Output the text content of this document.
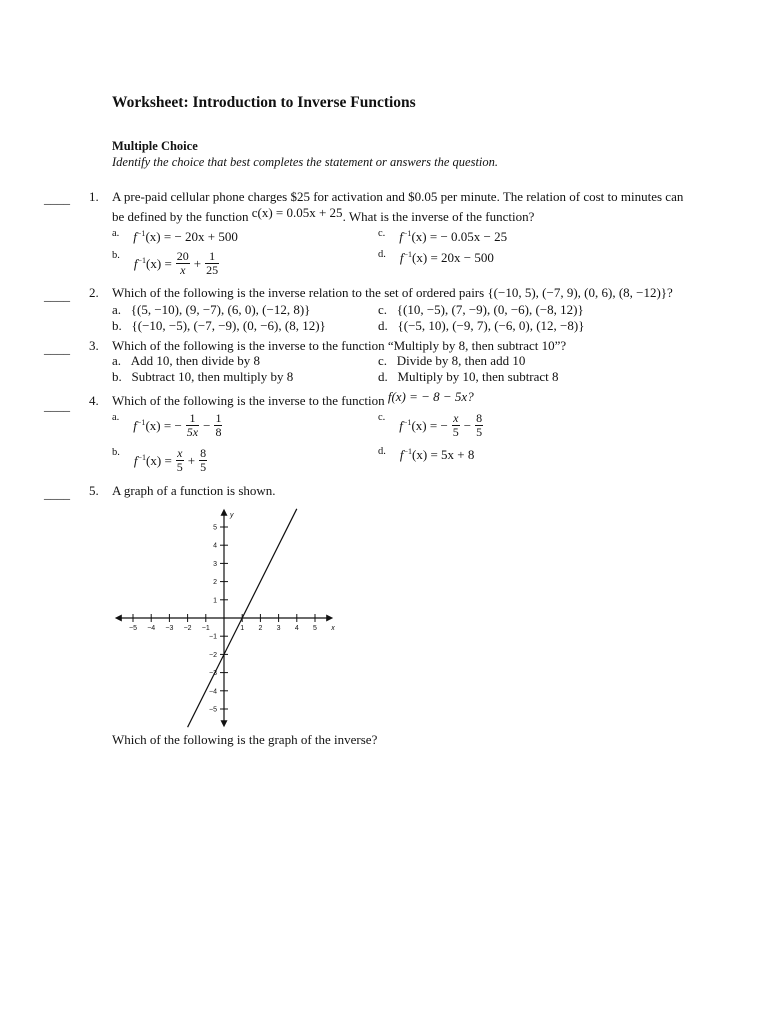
Worksheet: Introduction to Inverse Functions
Multiple Choice
Identify the choice that best completes the statement or answers the question.
____ 1. A pre-paid cellular phone charges $25 for activation and $0.05 per minute. The relation of cost to minutes can
be defined by the function c(x) = 0.05x + 25. What is the inverse of the function?
a. $f^{-1}(x)$ = − 20x + 500
b. $f^{-1}(x) = \frac{20}{x} + \frac{1}{25}$
c. $f^{-1}(x)$ = − 0.05x − 25
d. $f^{-1}(x) = 20x - 500$
____ 2. Which of the following is the inverse relation to the set of ordered pairs {(−10, 5), (−7, 9), (0, 6), (8, −12)}?
a. {(5, −10), (9, −7), (6, 0), (−12, 8)}
b. {(−10, −5), (−7, −9), (0, −6), (8, 12)}
c. {(10, −5), (7, −9), (0, −6), (−8, 12)}
d. {(−5, 10), (−9, 7), (−6, 0), (12, −8)}
____ 3. Which of the following is the inverse to the function “Multiply by 8, then subtract 10”?
a. Add 10, then divide by 8
b. Subtract 10, then multiply by 8
c. Divide by 8, then add 10
d. Multiply by 10, then subtract 8
____ 4. Which of the following is the inverse to the function f(x) = − 8 − 5x?
a. $f^{-1}(x)$ = − $\frac{1}{5x} - \frac{1}{8}$
b. $f^{-1}(x) = \frac{x}{5} + \frac{8}{5}$
c. $f^{-1}(x)$ = − $\frac{x}{5} - \frac{8}{5}$
d. $f^{-1}(x) = 5x + 8$
____ 5. A graph of a function is shown.
−5 −4 −3 −2 −1	1 2 3 4 5
5
4
3
2
1
−1
−2
−3
−4
−5
x
y
Which of the following is the graph of the inverse?
